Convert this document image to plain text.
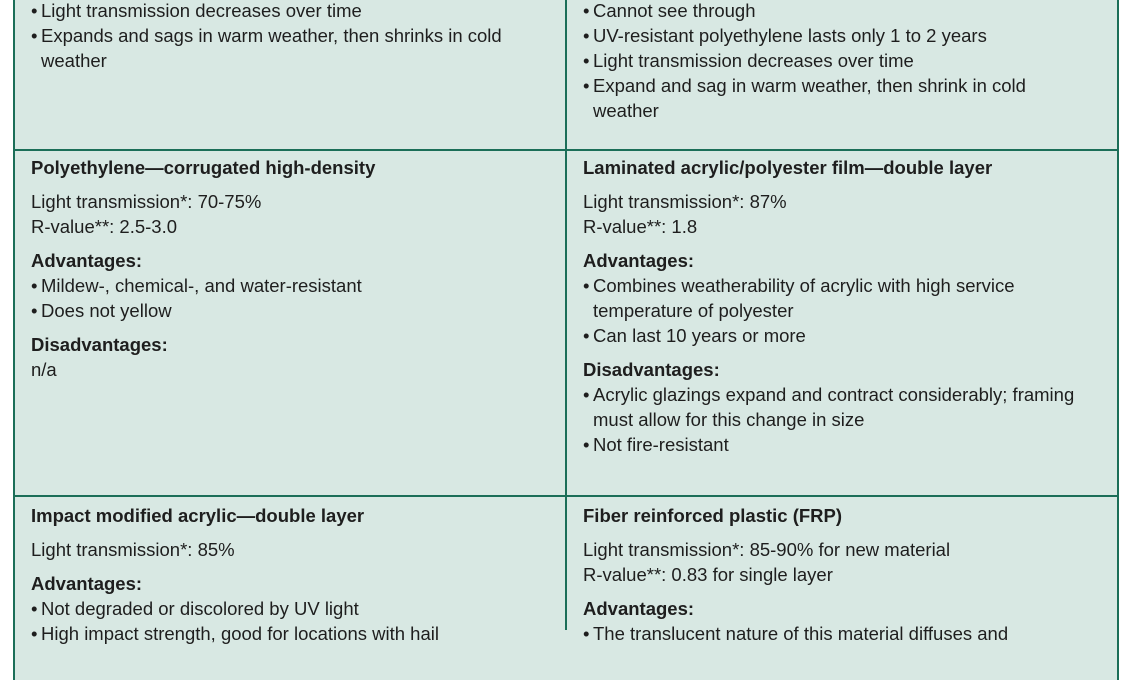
• Light transmission decreases over time
• Expands and sags in warm weather, then shrinks in cold weather
• Cannot see through
• UV-resistant polyethylene lasts only 1 to 2 years
• Light transmission decreases over time
• Expand and sag in warm weather, then shrink in cold weather

Polyethylene—corrugated high-density

Light transmission*: 70-75%

R-value**: 2.5-3.0

Advantages:

• Mildew-, chemical-, and water-resistant
• Does not yellow

Disadvantages:

n/a

Laminated acrylic/polyester film—double layer

Light transmission*: 87%

R-value**: 1.8

Advantages:

• Combines weatherability of acrylic with high service temperature of polyester
• Can last 10 years or more

Disadvantages:

• Acrylic glazings expand and contract considerably; framing must allow for this change in size
• Not fire-resistant

Impact modified acrylic—double layer

Light transmission*: 85%

Advantages:

• Not degraded or discolored by UV light
• High impact strength, good for locations with hail

Fiber reinforced plastic (FRP)

Light transmission*: 85-90% for new material

R-value**: 0.83 for single layer

Advantages:

• The translucent nature of this material diffuses and
